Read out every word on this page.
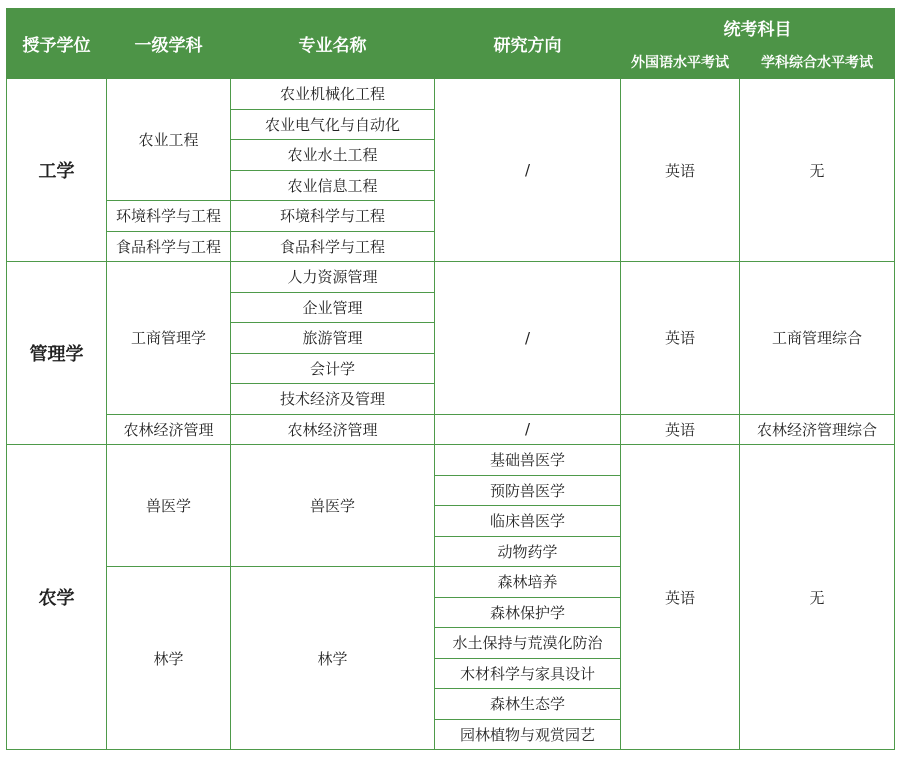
授予学位	一级学科	专业名称	研究方向	统考科目	
				外国语水平考试	学科综合水平考试
工学	农业工程	农业机械化工程	/	英语	无
		农业电气化与自动化			
		农业水土工程			
		农业信息工程			
	环境科学与工程	环境科学与工程			
	食品科学与工程	食品科学与工程			
管理学	工商管理学	人力资源管理	/	英语	工商管理综合
		企业管理			
		旅游管理			
		会计学			
		技术经济及管理			
	农林经济管理	农林经济管理	/	英语	农林经济管理综合
农学	兽医学	兽医学	基础兽医学	英语	无
			预防兽医学		
			临床兽医学		
			动物药学		
	林学	林学	森林培养		
			森林保护学		
			水土保持与荒漠化防治		
			木材科学与家具设计		
			森林生态学		
			园林植物与观赏园艺		
